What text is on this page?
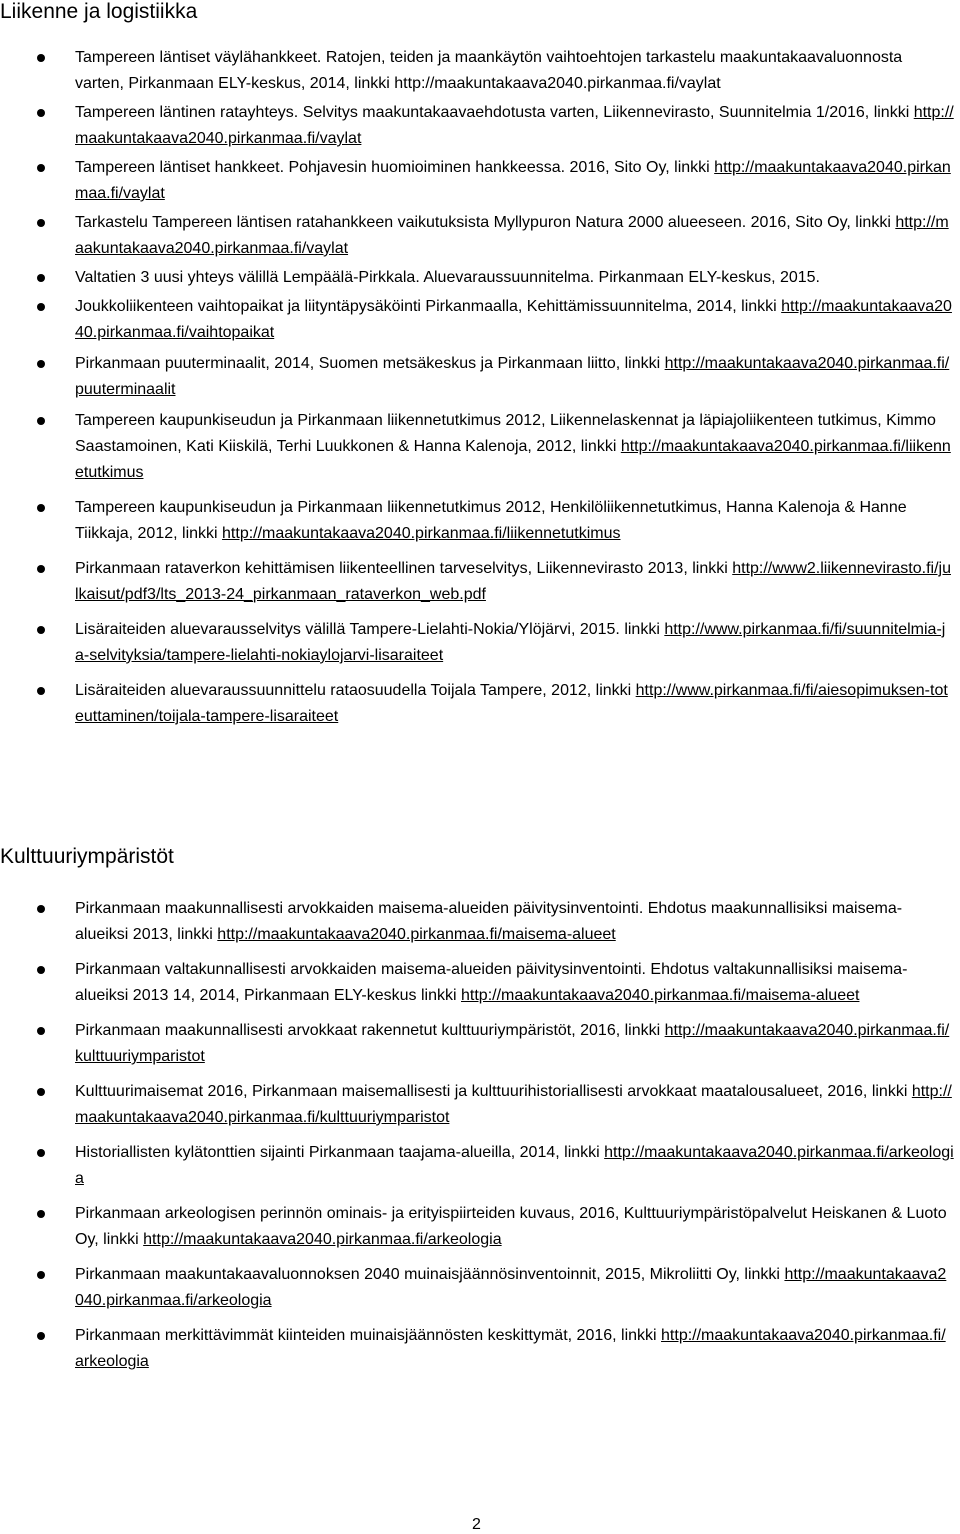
Liikenne ja logistiikka
Tampereen läntiset väylähankkeet. Ratojen, teiden ja maankäytön vaihtoehtojen tarkastelu maakuntakaavaluonnosta varten, Pirkanmaan ELY-keskus, 2014, linkki http://maakuntakaava2040.pirkanmaa.fi/vaylat
Tampereen läntinen ratayhteys. Selvitys maakuntakaavaehdotusta varten, Liikennevirasto, Suunnitelmia 1/2016, linkki http://maakuntakaava2040.pirkanmaa.fi/vaylat
Tampereen läntiset hankkeet. Pohjavesin huomioiminen hankkeessa. 2016, Sito Oy, linkki http://maakuntakaava2040.pirkanmaa.fi/vaylat
Tarkastelu Tampereen läntisen ratahankkeen vaikutuksista Myllypuron Natura 2000 alueeseen. 2016, Sito Oy, linkki http://maakuntakaava2040.pirkanmaa.fi/vaylat
Valtatien 3 uusi yhteys välillä Lempäälä-Pirkkala. Aluevaraussuunnitelma. Pirkanmaan ELY-keskus, 2015.
Joukkoliikenteen vaihtopaikat ja liityntäpysäköinti Pirkanmaalla, Kehittämissuunnitelma, 2014, linkki http://maakuntakaava2040.pirkanmaa.fi/vaihtopaikat
Pirkanmaan puuterminaalit, 2014, Suomen metsäkeskus ja Pirkanmaan liitto, linkki http://maakuntakaava2040.pirkanmaa.fi/puuterminaalit
Tampereen kaupunkiseudun ja Pirkanmaan liikennetutkimus 2012, Liikennelaskennat ja läpiajoliikenteen tutkimus, Kimmo Saastamoinen, Kati Kiiskilä, Terhi Luukkonen & Hanna Kalenoja, 2012, linkki http://maakuntakaava2040.pirkanmaa.fi/liikennetutkimus
Tampereen kaupunkiseudun ja Pirkanmaan liikennetutkimus 2012, Henkilöliikennetutkimus, Hanna Kalenoja & Hanne Tiikkaja, 2012, linkki http://maakuntakaava2040.pirkanmaa.fi/liikennetutkimus
Pirkanmaan rataverkon kehittämisen liikenteellinen tarveselvitys, Liikennevirasto 2013, linkki http://www2.liikennevirasto.fi/julkaisut/pdf3/lts_2013-24_pirkanmaan_rataverkon_web.pdf
Lisäraiteiden aluevarausselvitys välillä Tampere-Lielahti-Nokia/Ylöjärvi, 2015. linkki http://www.pirkanmaa.fi/fi/suunnitelmia-ja-selvityksia/tampere-lielahti-nokiaylojarvi-lisaraiteet
Lisäraiteiden aluevaraussuunnittelu rataosuudella Toijala Tampere, 2012, linkki http://www.pirkanmaa.fi/fi/aiesopimuksen-toteuttaminen/toijala-tampere-lisaraiteet
Kulttuuriympäristöt
Pirkanmaan maakunnallisesti arvokkaiden maisema-alueiden päivitysinventointi. Ehdotus maakunnallisiksi maisema-alueiksi 2013, linkki http://maakuntakaava2040.pirkanmaa.fi/maisema-alueet
Pirkanmaan valtakunnallisesti arvokkaiden maisema-alueiden päivitysinventointi. Ehdotus valtakunnallisiksi maisema-alueiksi 2013 14, 2014, Pirkanmaan ELY-keskus linkki http://maakuntakaava2040.pirkanmaa.fi/maisema-alueet
Pirkanmaan maakunnallisesti arvokkaat rakennetut kulttuuriympäristöt, 2016, linkki http://maakuntakaava2040.pirkanmaa.fi/kulttuuriymparistot
Kulttuurimaisemat 2016, Pirkanmaan maisemallisesti ja kulttuurihistoriallisesti arvokkaat maatalousalueet, 2016, linkki http://maakuntakaava2040.pirkanmaa.fi/kulttuuriymparistot
Historiallisten kylätonttien sijainti Pirkanmaan taajama-alueilla, 2014, linkki http://maakuntakaava2040.pirkanmaa.fi/arkeologia
Pirkanmaan arkeologisen perinnön ominais- ja erityispiirteiden kuvaus, 2016, Kulttuuriympäristöpalvelut Heiskanen & Luoto Oy, linkki http://maakuntakaava2040.pirkanmaa.fi/arkeologia
Pirkanmaan maakuntakaavaluonnoksen 2040 muinaisjäännösinventoinnit, 2015, Mikroliitti Oy, linkki http://maakuntakaava2040.pirkanmaa.fi/arkeologia
Pirkanmaan merkittävimmät kiinteiden muinaisjäännösten keskittymät, 2016, linkki http://maakuntakaava2040.pirkanmaa.fi/arkeologia
2
